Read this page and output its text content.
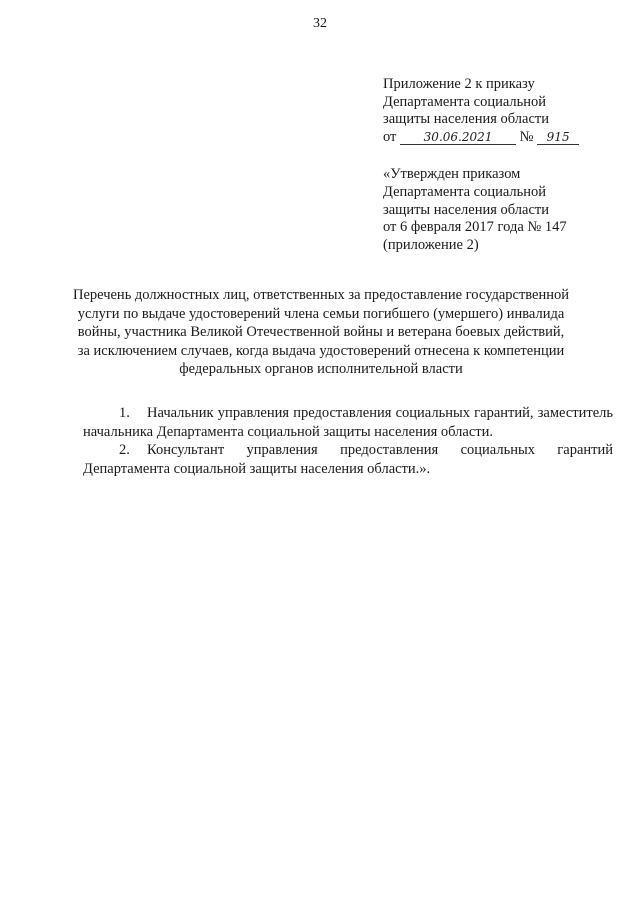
32
Приложение 2 к приказу
Департамента социальной
защиты населения области
от 30.06.2021 № 915
«Утвержден приказом
Департамента социальной
защиты населения области
от 6 февраля 2017 года № 147
(приложение 2)
Перечень должностных лиц, ответственных за предоставление государственной услуги по выдаче удостоверений члена семьи погибшего (умершего) инвалида войны, участника Великой Отечественной войны и ветерана боевых действий, за исключением случаев, когда выдача удостоверений отнесена к компетенции федеральных органов исполнительной власти

1. Начальник управления предоставления социальных гарантий, заместитель начальника Департамента социальной защиты населения области.

2. Консультант управления предоставления социальных гарантий Департамента социальной защиты населения области.».
